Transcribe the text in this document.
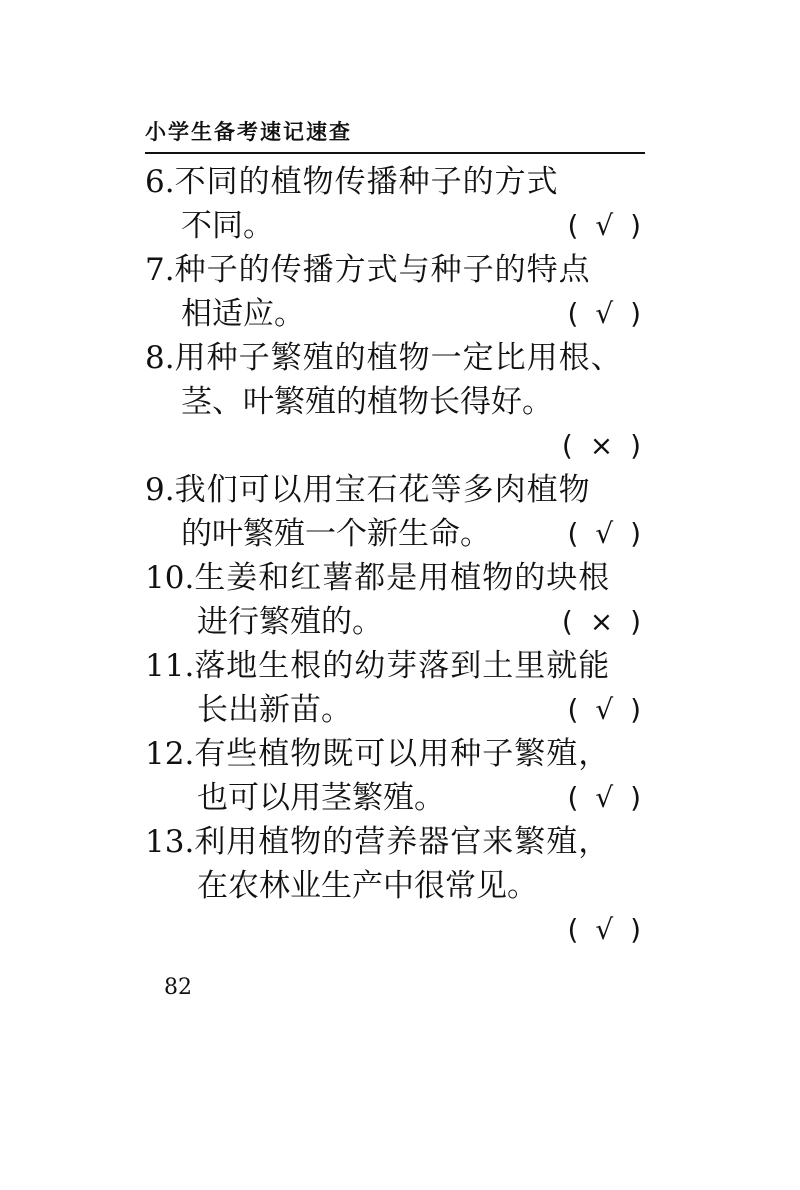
小学生备考速记速查
6.不同的植物传播种子的方式
不同。	( √ )
7.种子的传播方式与种子的特点
相适应。	( √ )
8.用种子繁殖的植物一定比用根、
茎、叶繁殖的植物长得好。
( × )
9.我们可以用宝石花等多肉植物
的叶繁殖一个新生命。	( √ )
10.生姜和红薯都是用植物的块根
进行繁殖的。	( × )
11.落地生根的幼芽落到土里就能
长出新苗。	( √ )
12.有些植物既可以用种子繁殖，
也可以用茎繁殖。	( √ )
13.利用植物的营养器官来繁殖，
在农林业生产中很常见。
( √ )
82
